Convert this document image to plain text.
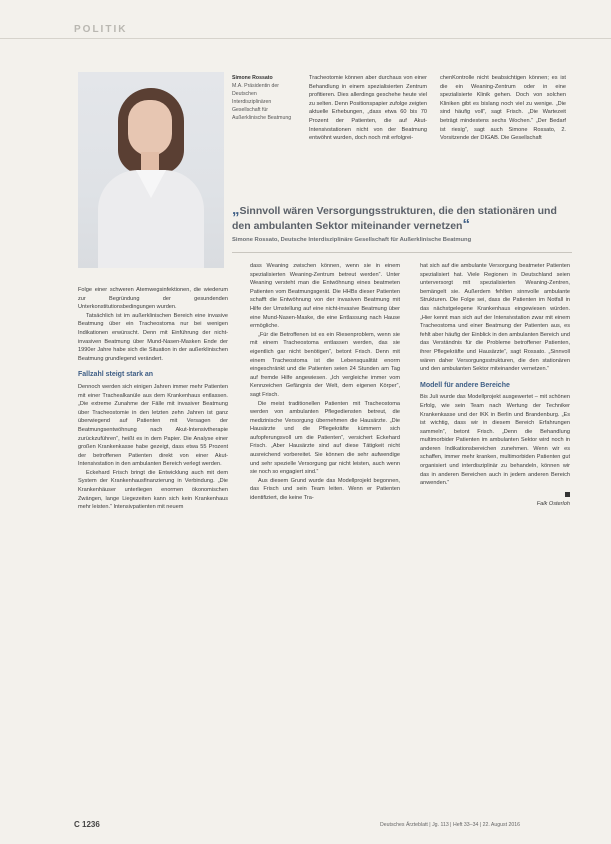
POLITIK
Simone Rossato
M.A. Präsidentin der Deutschen Interdisziplinären Gesellschaft für Außerklinische Beatmung

Tracheotomie können aber durchaus von einer Behandlung in einem spezialisierten Zentrum profitieren. Dies allerdings geschehe heute viel zu selten. Denn Positionspapier zufolge zeigten aktuelle Erhebungen, „dass etwa 60 bis 70 Prozent der Patienten, die auf Akut-Intensivstationen nicht von der Beatmung entwöhnt wurden, doch noch mit erfolgrei-

chenKontrolle nicht beabsichtigen können; es ist die ein Weaning-Zentrum oder in eine spezialisierte Klinik gehen. Doch von solchen Kliniken gibt es bislang noch viel zu wenige. „Die sind häufig voll“, sagt Frisch. „Die Wartezeit beträgt mindestens sechs Wochen.“ „Der Bedarf ist riesig“, sagt auch Simone Rossato, 2. Vorsitzende der DIGAB. Die Gesellschaft

„Sinnvoll wären Versorgungsstrukturen, die den stationären und den ambulanten Sektor miteinander vernetzen“
Simone Rossato, Deutsche Interdisziplinäre Gesellschaft für Außerklinische Beatmung

Folge einer schweren Atemwegsinfektionen, die wiederum zur Begründung der gesundenden Unterkonstitutionsbedingungen wurden.

Tatsächlich ist im außerklinischen Bereich eine invasive Beatmung über ein Tracheostoma nur bei wenigen Indikationen erwünscht. Denn mit Einführung der nicht-invasiven Beatmung über Mund-Nasen-Masken Ende der 1990er Jahre habe sich die Situation in der außerklinischen Beatmung grundlegend verändert.

Fallzahl steigt stark an

Dennoch werden sich einigen Jahren immer mehr Patienten mit einer Trachealkanüle aus dem Krankenhaus entlassen. „Die extreme Zunahme der Fälle mit invasiver Beatmung über Tracheostomie in den letzten zehn Jahren ist ganz überwiegend auf Patienten mit Versagen der Beatmungsentwöhnung nach Akut-Intensivtherapie zurückzuführen“, heißt es in dem Papier. Die Analyse einer großen Krankenkasse habe gezeigt, dass etwa 55 Prozent der betroffenen Patienten direkt von einer Akut-Intensivstation in den ambulanten Bereich verlegt werden.

Eckehard Frisch bringt die Entwicklung auch mit dem System der Krankenhausfinanzierung in Verbindung. „Die Krankenhäuser unterliegen enormen ökonomischen Zwängen, lange Liegezeiten kann sich kein Krankenhaus mehr leisten.“ Intensivpatienten mit neuem

dass Weaning zwischen können, wenn sie in einem spezialisierten Weaning-Zentrum betreut werden“. Unter Weaning versteht man die Entwöhnung eines beatmeten Patienten vom Beatmungsgerät. Die HHBs dieser Patienten schafft die Entwöhnung von der invasiven Beatmung mit Hilfe der Umstellung auf eine nicht-invasive Beatmung über eine Mund-Nasen-Maske, die eine Entlassung nach Hause ermögliche.

„Für die Betroffenen ist es ein Riesenproblem, wenn sie mit einem Tracheostoma entlassen werden, das sie eigentlich gar nicht benötigen“, betont Frisch. Denn mit einem Tracheostoma ist die Lebensqualität enorm eingeschränkt und die Patienten seien 24 Stunden am Tag auf fremde Hilfe angewiesen. „Ich vergleiche immer vom Kennzeichen Gefängnis der Welt, dem eigenen Körper“, sagt Frisch.

Die meist traditionellen Patienten mit Tracheostoma werden von ambulanten Pflegediensten betreut, die medizinische Versorgung übernehmen die Hausärzte. „Die Hausärzte und die Pflegekräfte kümmern sich aufopferungsvoll um die Patienten“, versichert Eckehard Frisch. „Aber Hausärzte sind auf diese Tätigkeit nicht ausreichend vorbereitet. Sie können die sehr aufwendige und sehr spezielle Versorgung gar nicht leisten, auch wenn sie noch so engagiert sind.“

Aus diesem Grund wurde das Modellprojekt begonnen, das Frisch und sein Team leiten. Wenn er Patienten identifiziert, die keine Tra-

hat sich auf die ambulante Versorgung beatmeter Patienten spezialisiert hat. Viele Regionen in Deutschland seien unterversorgt mit spezialisierten Weaning-Zentren, bemängelt sie. Außerdem fehlten sinnvolle ambulante Strukturen. Die Folge sei, dass die Patienten im Notfall in das nächstgelegene Krankenhaus eingewiesen würden. „Hier kennt man sich auf der Intensivstation zwar mit einem Tracheostoma und einer Beatmung der Patienten aus, es fehlt aber häufig der Einblick in den ambulanten Bereich und das Verständnis für die Probleme betroffener Patienten, ihrer Pflegekräfte und Hausärzte“, sagt Rossato. „Sinnvoll wären daher Versorgungsstrukturen, die den stationären und den ambulanten Sektor miteinander vernetzen.“

Modell für andere Bereiche

Bis Juli wurde das Modellprojekt ausgewertet – mit schönen Erfolg, wie sein Team nach Wertung der Techniker Krankenkasse und der IKK in Berlin und Brandenburg. „Es ist wichtig, dass wir in diesem Bereich Erfahrungen sammeln“, betont Frisch. „Denn die Behandlung multimorbider Patienten im ambulanten Sektor wird noch in anderen Indikationsbereichen zunehmen. Wenn wir es schaffen, immer mehr kranken, multimorbiden Patienten gut organisiert und interdisziplinär zu behandeln, können wir das in anderen Bereichen auch in jedem anderen Bereich anwenden.“

Falk Osterloh

C 1236	Deutsches Ärzteblatt | Jg. 113 | Heft 33–34 | 22. August 2016
